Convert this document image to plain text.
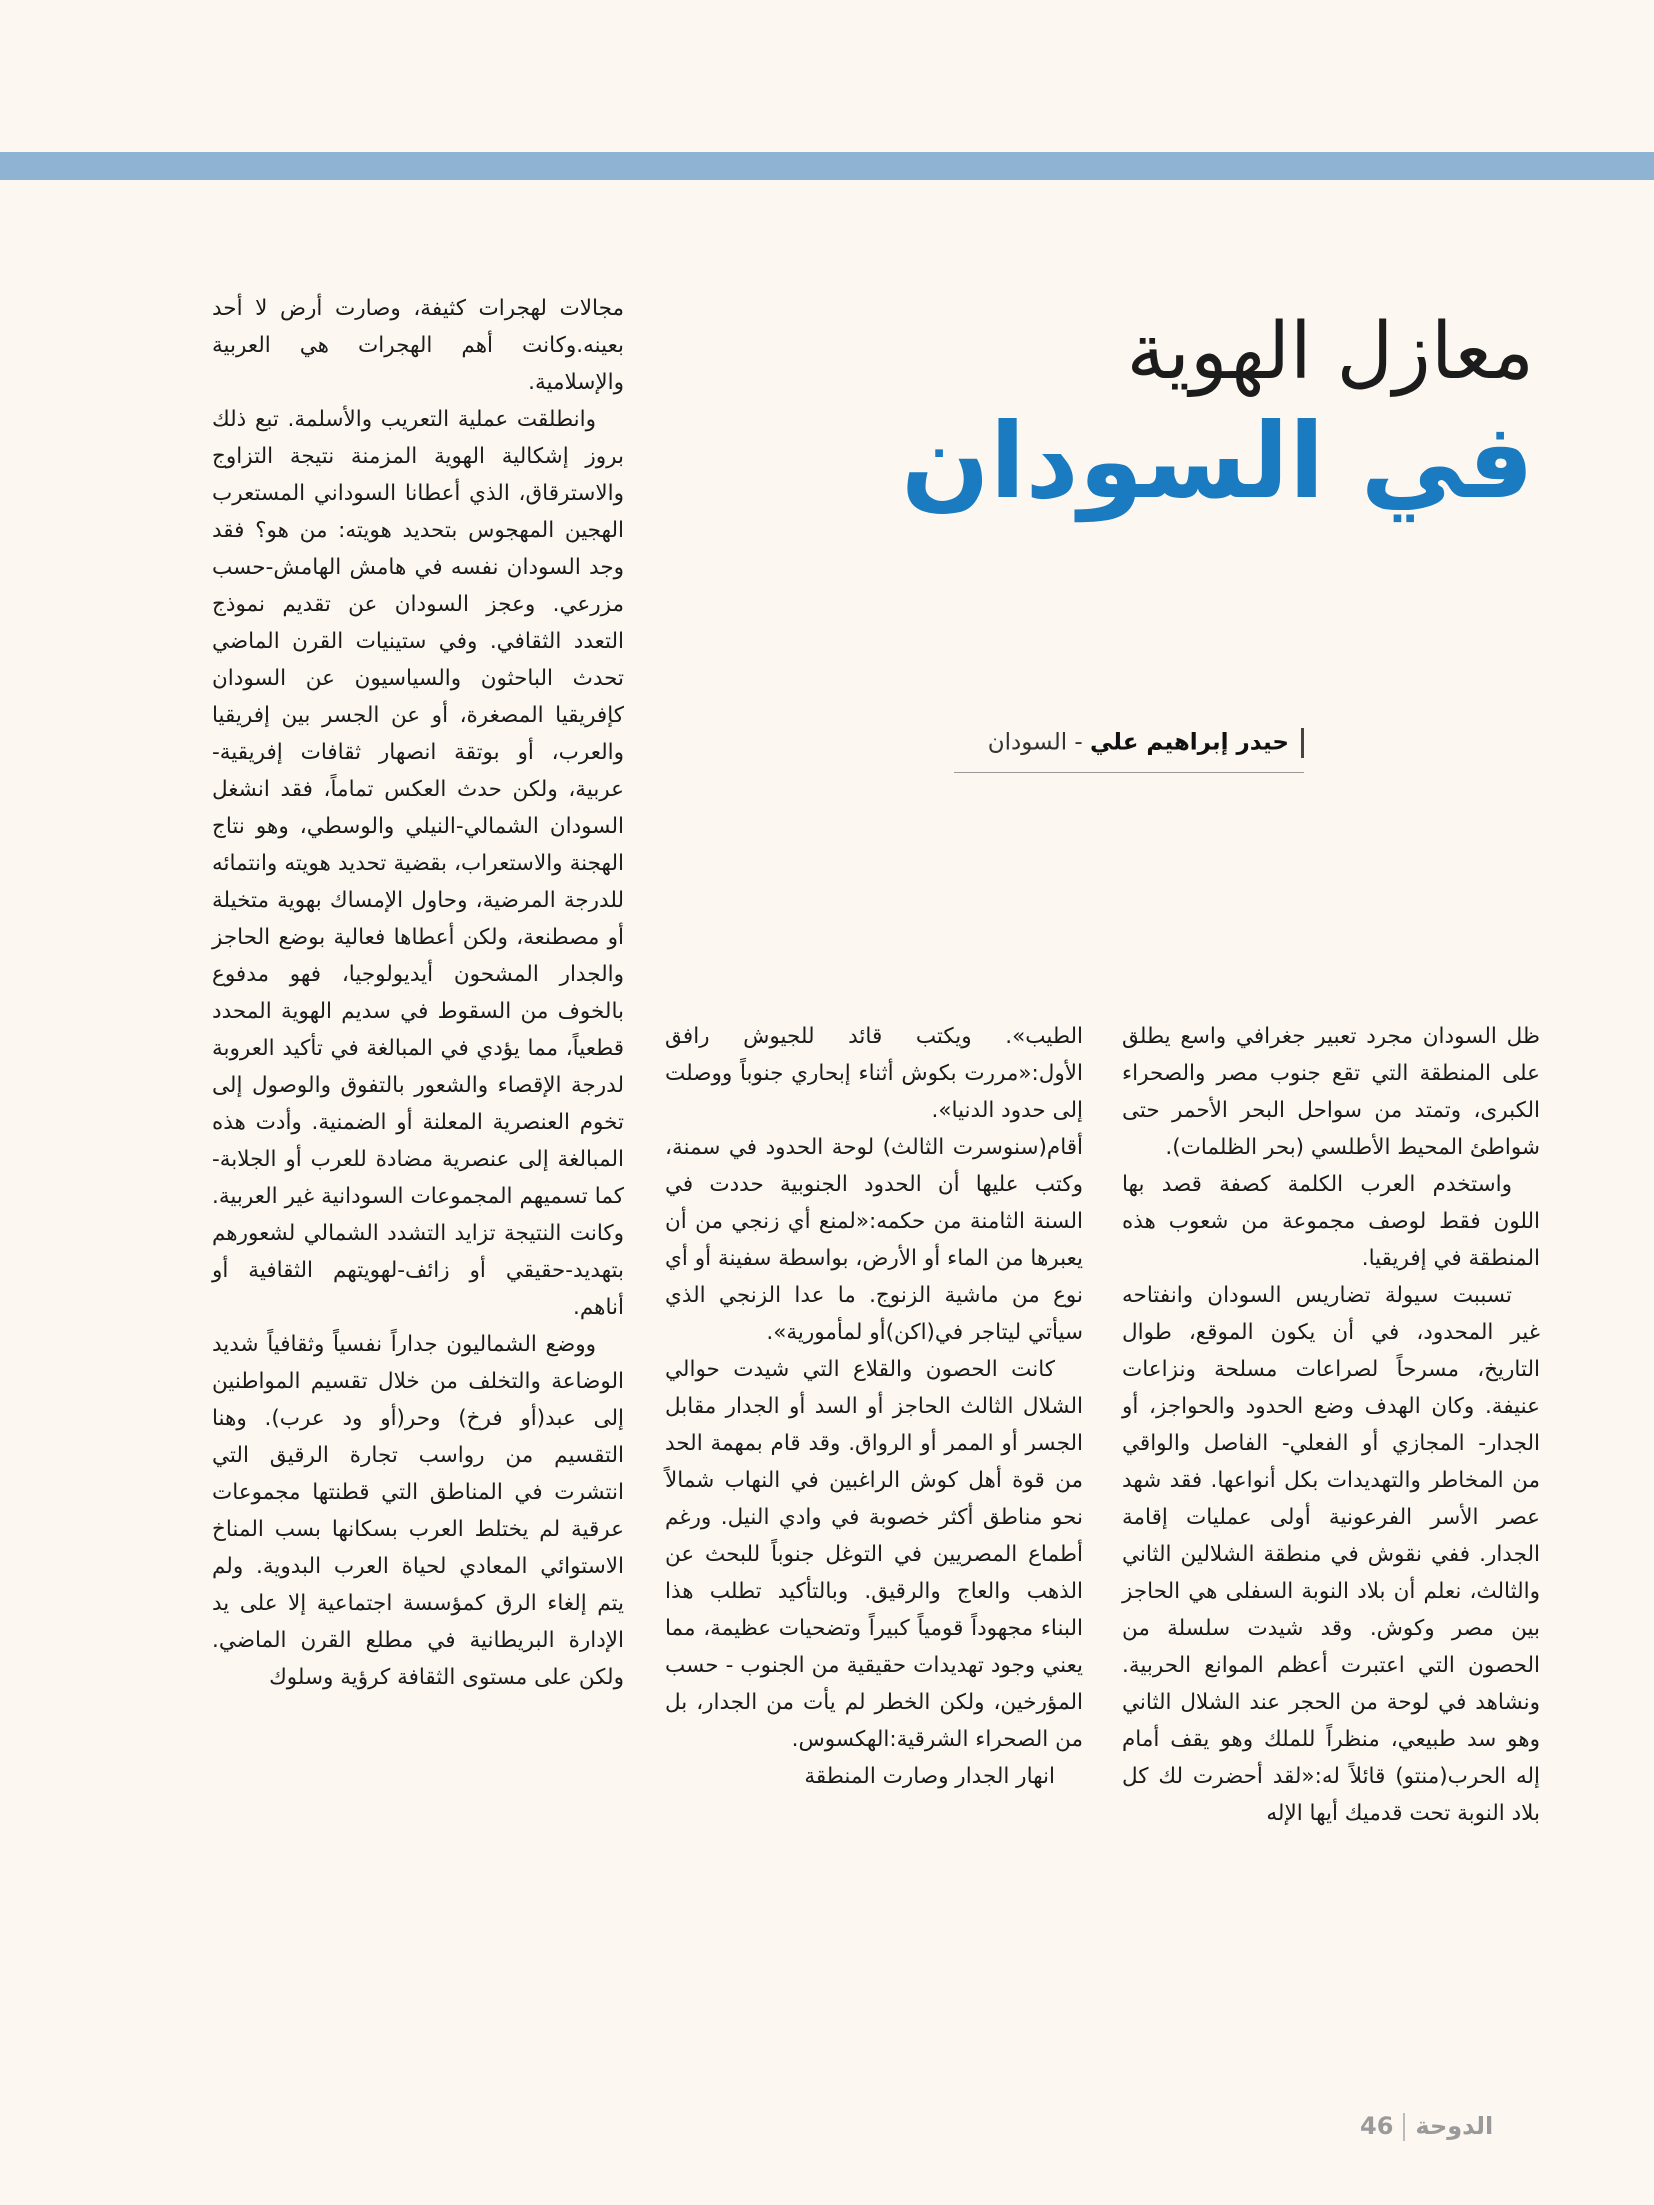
معازل الهوية
في السودان
حيدر إبراهيم علي - السودان

ظل السودان مجرد تعبير جغرافي واسع يطلق على المنطقة التي تقع جنوب مصر والصحراء الكبرى، وتمتد من سواحل البحر الأحمر حتى شواطئ المحيط الأطلسي (بحر الظلمات).

واستخدم العرب الكلمة كصفة قصد بها اللون فقط لوصف مجموعة من شعوب هذه المنطقة في إفريقيا.

تسببت سيولة تضاريس السودان وانفتاحه غير المحدود، في أن يكون الموقع، طوال التاريخ، مسرحاً لصراعات مسلحة ونزاعات عنيفة. وكان الهدف وضع الحدود والحواجز، أو الجدار- المجازي أو الفعلي- الفاصل والواقي من المخاطر والتهديدات بكل أنواعها. فقد شهد عصر الأسر الفرعونية أولى عمليات إقامة الجدار. ففي نقوش في منطقة الشلالين الثاني والثالث، نعلم أن بلاد النوبة السفلى هي الحاجز بين مصر وكوش. وقد شيدت سلسلة من الحصون التي اعتبرت أعظم الموانع الحربية. ونشاهد في لوحة من الحجر عند الشلال الثاني وهو سد طبيعي، منظراً للملك وهو يقف أمام إله الحرب(منتو) قائلاً له:«لقد أحضرت لك كل بلاد النوبة تحت قدميك أيها الإله

الطيب». ويكتب قائد للجيوش رافق الأول:«مررت بكوش أثناء إبحاري جنوباً ووصلت إلى حدود الدنيا».

أقام(سنوسرت الثالث) لوحة الحدود في سمنة، وكتب عليها أن الحدود الجنوبية حددت في السنة الثامنة من حكمه:«لمنع أي زنجي من أن يعبرها من الماء أو الأرض، بواسطة سفينة أو أي نوع من ماشية الزنوج. ما عدا الزنجي الذي سيأتي ليتاجر في(اكن)أو لمأمورية».

كانت الحصون والقلاع التي شيدت حوالي الشلال الثالث الحاجز أو السد أو الجدار مقابل الجسر أو الممر أو الرواق. وقد قام بمهمة الحد من قوة أهل كوش الراغبين في النهاب شمالاً نحو مناطق أكثر خصوبة في وادي النيل. ورغم أطماع المصريين في التوغل جنوباً للبحث عن الذهب والعاج والرقيق. وبالتأكيد تطلب هذا البناء مجهوداً قومياً كبيراً وتضحيات عظيمة، مما يعني وجود تهديدات حقيقية من الجنوب - حسب المؤرخين، ولكن الخطر لم يأت من الجدار، بل من الصحراء الشرقية:الهكسوس.

انهار الجدار وصارت المنطقة

مجالات لهجرات كثيفة، وصارت أرض لا أحد بعينه.وكانت أهم الهجرات هي العربية والإسلامية.

وانطلقت عملية التعريب والأسلمة. تبع ذلك بروز إشكالية الهوية المزمنة نتيجة التزاوج والاسترقاق، الذي أعطانا السوداني المستعرب الهجين المهجوس بتحديد هويته: من هو؟ فقد وجد السودان نفسه في هامش الهامش-حسب مزرعي. وعجز السودان عن تقديم نموذج التعدد الثقافي. وفي ستينيات القرن الماضي تحدث الباحثون والسياسيون عن السودان كإفريقيا المصغرة، أو عن الجسر بين إفريقيا والعرب، أو بوتقة انصهار ثقافات إفريقية-عربية، ولكن حدث العكس تماماً، فقد انشغل السودان الشمالي-النيلي والوسطي، وهو نتاج الهجنة والاستعراب، بقضية تحديد هويته وانتمائه للدرجة المرضية، وحاول الإمساك بهوية متخيلة أو مصطنعة، ولكن أعطاها فعالية بوضع الحاجز والجدار المشحون أيديولوجيا، فهو مدفوع بالخوف من السقوط في سديم الهوية المحدد قطعياً، مما يؤدي في المبالغة في تأكيد العروبة لدرجة الإقصاء والشعور بالتفوق والوصول إلى تخوم العنصرية المعلنة أو الضمنية. وأدت هذه المبالغة إلى عنصرية مضادة للعرب أو الجلابة- كما تسميهم المجموعات السودانية غير العربية. وكانت النتيجة تزايد التشدد الشمالي لشعورهم بتهديد-حقيقي أو زائف-لهويتهم الثقافية أو أناهم.

ووضع الشماليون جداراً نفسياً وثقافياً شديد الوضاعة والتخلف من خلال تقسيم المواطنين إلى عبد(أو فرخ) وحر(أو ود عرب). وهنا التقسيم من رواسب تجارة الرقيق التي انتشرت في المناطق التي قطنتها مجموعات عرقية لم يختلط العرب بسكانها بسب المناخ الاستوائي المعادي لحياة العرب البدوية. ولم يتم إلغاء الرق كمؤسسة اجتماعية إلا على يد الإدارة البريطانية في مطلع القرن الماضي. ولكن على مستوى الثقافة كرؤية وسلوك

الدوحة46
